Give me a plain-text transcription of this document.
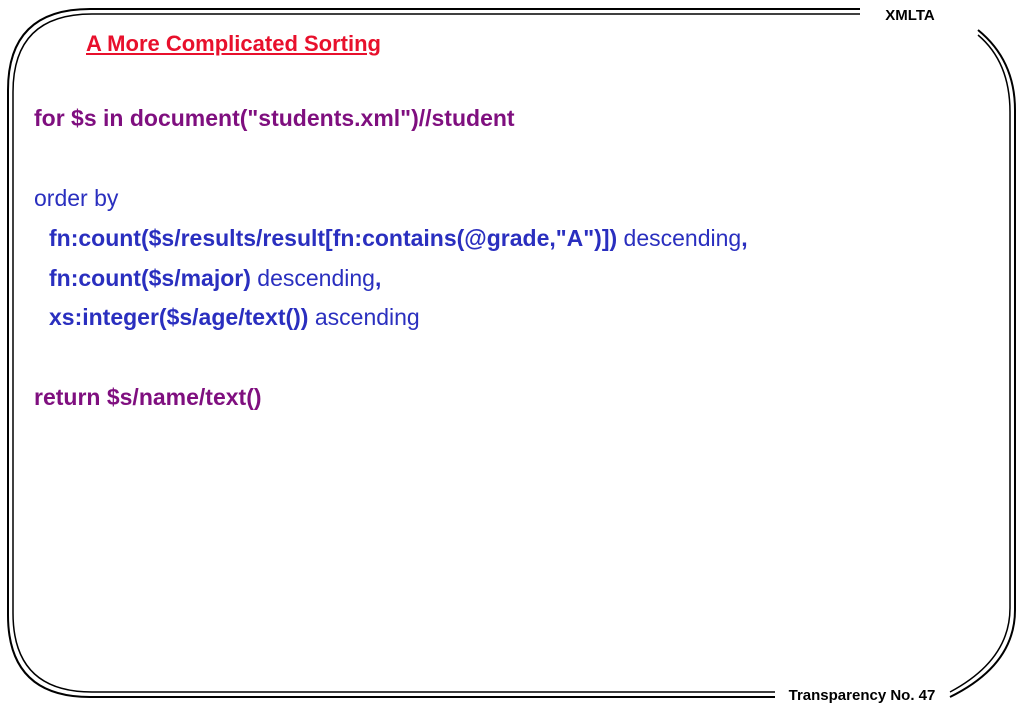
XMLTA
Transparency No. 47
A More Complicated Sorting
for $s in document("students.xml")//student
order by
fn:count($s/results/result[fn:contains(@grade,"A")]) descending,
fn:count($s/major) descending,
xs:integer($s/age/text()) ascending
return $s/name/text()
